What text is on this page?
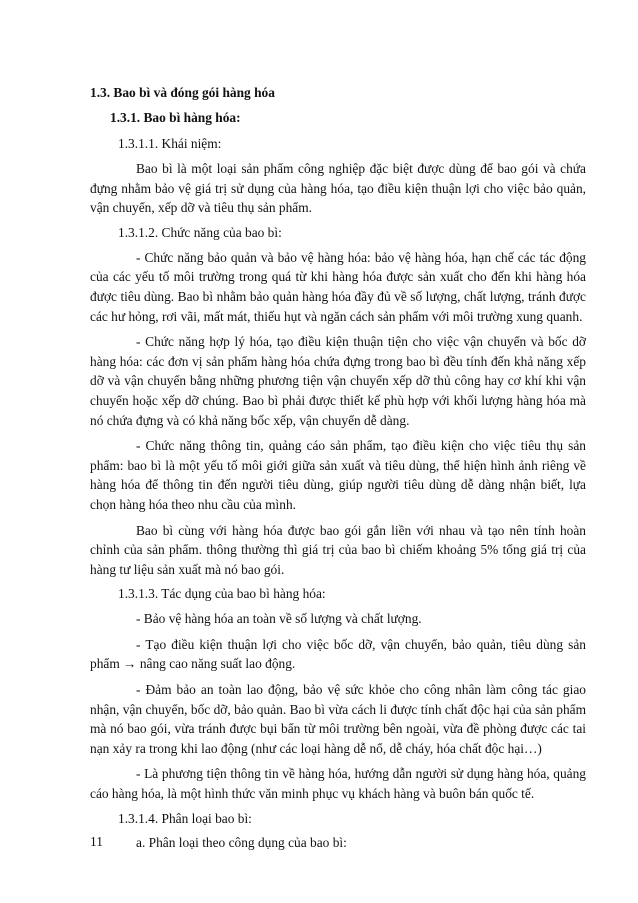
1.3. Bao bì và đóng gói hàng hóa
1.3.1. Bao bì hàng hóa:
1.3.1.1. Khái niệm:

Bao bì là một loại sản phẩm công nghiệp đặc biệt được dùng để bao gói và chứa đựng nhằm bảo vệ giá trị sử dụng của hàng hóa, tạo điều kiện thuận lợi cho việc bảo quản, vận chuyển, xếp dỡ và tiêu thụ sản phẩm.

1.3.1.2. Chức năng của bao bì:

- Chức năng bảo quản và bảo vệ hàng hóa: bảo vệ hàng hóa, hạn chế các tác động của các yếu tố môi trường trong quá từ khi hàng hóa được sản xuất cho đến khi hàng hóa được tiêu dùng. Bao bì nhằm bảo quản hàng hóa đầy đủ về số lượng, chất lượng, tránh được các hư hỏng, rơi vãi, mất mát, thiếu hụt và ngăn cách sản phẩm với môi trường xung quanh.

- Chức năng hợp lý hóa, tạo điều kiện thuận tiện cho việc vận chuyển và bốc dỡ hàng hóa: các đơn vị sản phẩm hàng hóa chứa đựng trong bao bì đều tính đến khả năng xếp dỡ và vận chuyển bằng những phương tiện vận chuyển xếp dỡ thủ công hay cơ khí khi vận chuyển hoặc xếp dỡ chúng. Bao bì phải được thiết kế phù hợp với khối lượng hàng hóa mà nó chứa đựng và có khả năng bốc xếp, vận chuyển dễ dàng.

- Chức năng thông tin, quảng cáo sản phẩm, tạo điều kiện cho việc tiêu thụ sản phẩm: bao bì là một yếu tố môi giới giữa sản xuất và tiêu dùng, thể hiện hình ảnh riêng về hàng hóa để thông tin đến người tiêu dùng, giúp người tiêu dùng dễ dàng nhận biết, lựa chọn hàng hóa theo nhu cầu của mình.

Bao bì cùng với hàng hóa được bao gói gắn liền với nhau và tạo nên tính hoàn chỉnh của sản phẩm. thông thường thì giá trị của bao bì chiếm khoảng 5% tổng giá trị của hàng tư liệu sản xuất mà nó bao gói.

1.3.1.3. Tác dụng của bao bì hàng hóa:

- Bảo vệ hàng hóa an toàn về số lượng và chất lượng.

- Tạo điều kiện thuận lợi cho việc bốc dỡ, vận chuyển, bảo quản, tiêu dùng sản phẩm → nâng cao năng suất lao động.

- Đảm bảo an toàn lao động, bảo vệ sức khỏe cho công nhân làm công tác giao nhận, vận chuyển, bốc dỡ, bảo quản. Bao bì vừa cách li được tính chất độc hại của sản phẩm mà nó bao gói, vừa tránh được bụi bẩn từ môi trường bên ngoài, vừa đề phòng được các tai nạn xảy ra trong khi lao động (như các loại hàng dễ nổ, dễ cháy, hóa chất độc hại…)

- Là phương tiện thông tin về hàng hóa, hướng dẫn người sử dụng hàng hóa, quảng cáo hàng hóa, là một hình thức văn minh phục vụ khách hàng và buôn bán quốc tế.

1.3.1.4. Phân loại bao bì:
a. Phân loại theo công dụng của bao bì:
11
